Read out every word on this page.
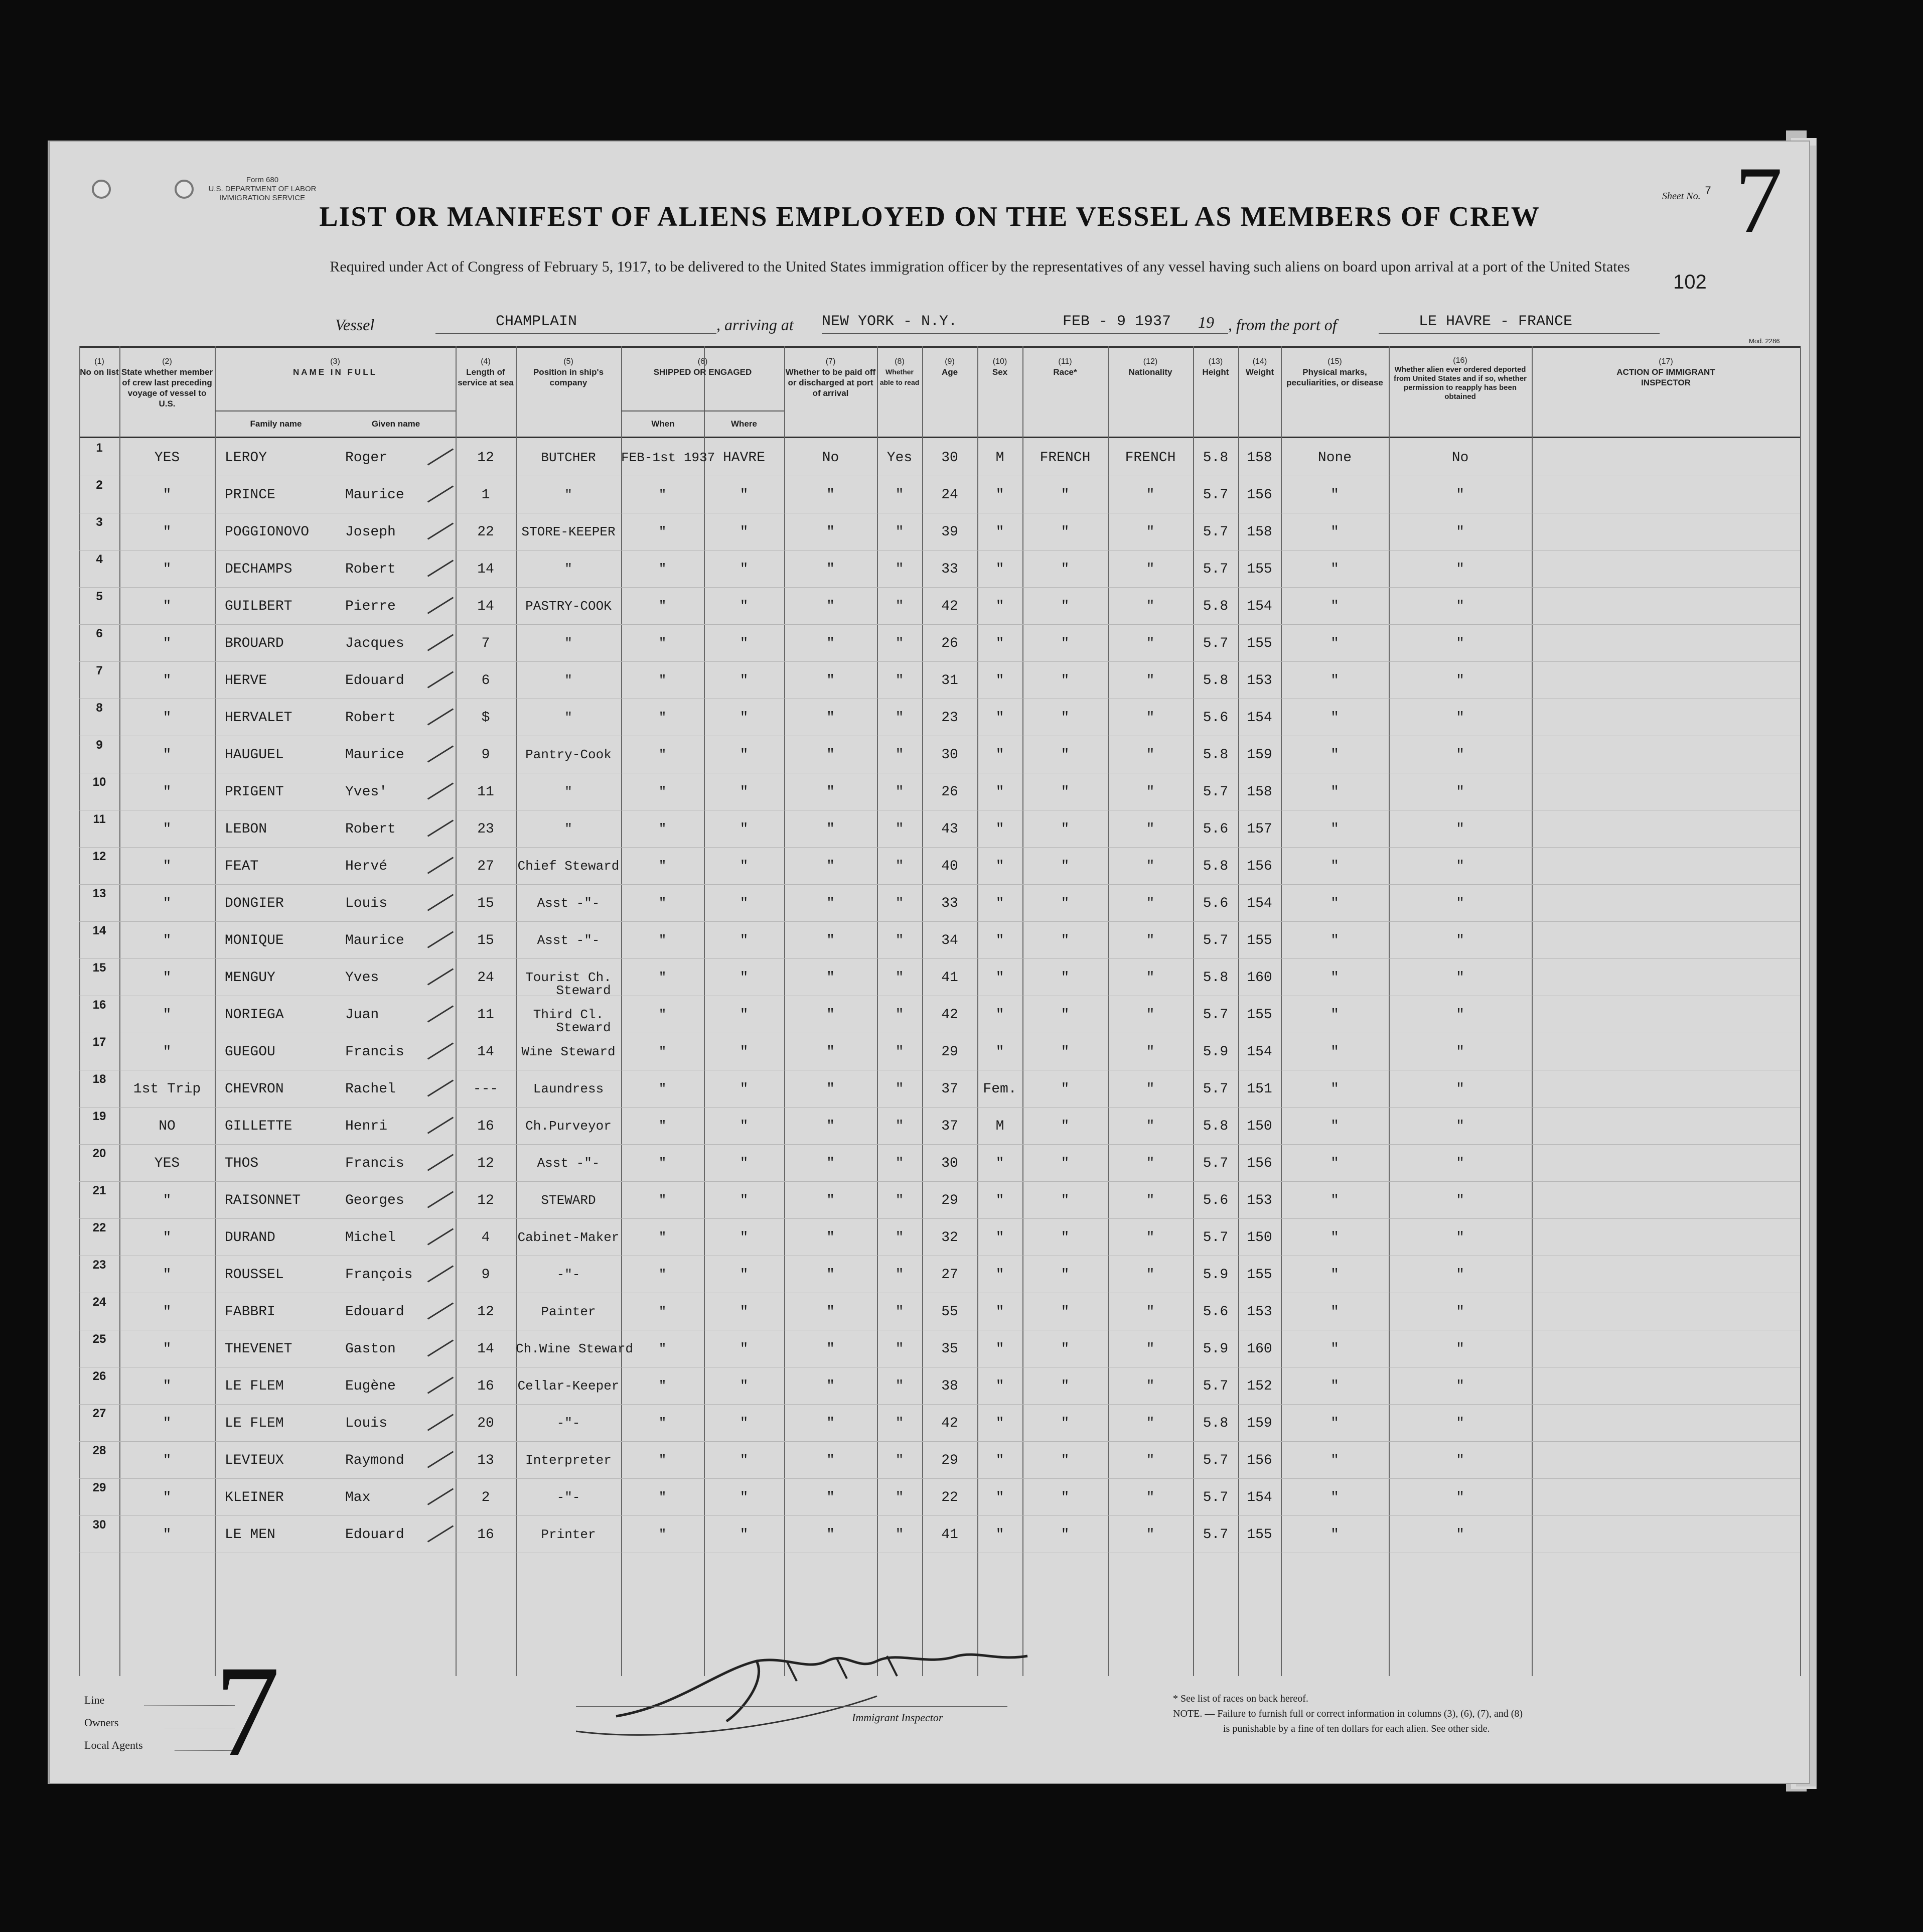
Form 680
U.S. DEPARTMENT OF LABOR
IMMIGRATION SERVICE
LIST OR MANIFEST OF ALIENS EMPLOYED ON THE VESSEL AS MEMBERS OF CREW
Required under Act of Congress of February 5, 1917, to be delivered to the United States immigration officer by the representatives of any vessel having such aliens on board upon arrival at a port of the United States
Sheet No. 7 7
102
Mod. 2286
Vessel	CHAMPLAIN	, arriving at	NEW YORK - N.Y.	FEB - 9 1937	19 , from the port of	LE HAVRE - FRANCE
(1)
No on list
(2)
State whether member of crew last preceding voyage of vessel to U.S.
(3)
NAME IN FULL
Family name	Given name
(4)
Length of service at sea
(5)
Position in ship's company
(6)
SHIPPED OR ENGAGED
When	Where
(7)
Whether to be paid off or discharged at port of arrival
(8)
Whether able to read
(9)
Age
(10)
Sex
(11)
Race*
(12)
Nationality
(13)
Height
(14)
Weight
(15)
Physical marks, peculiarities, or disease
(16)
Whether alien ever ordered deported from United States and if so, whether permission to reapply has been obtained
(17)
ACTION OF IMMIGRANT INSPECTOR
1
YES	LEROY	Roger	12	BUTCHER	FEB-1st 1937 HAVRE	No	Yes	30	M	FRENCH	FRENCH	5.8	158	None	No
2
"	PRINCE	Maurice	1	"	"	"	"	"	24	"	"	"	5.7	156	"	"
3
"	POGGIONOVO	Joseph	22	STORE-KEEPER	"	"	"	"	39	"	"	"	5.7	158	"	"
4
"	DECHAMPS	Robert	14	"	"	"	"	"	33	"	"	"	5.7	155	"	"
5
"	GUILBERT	Pierre	14	PASTRY-COOK	"	"	"	"	42	"	"	"	5.8	154	"	"
6
"	BROUARD	Jacques	7	"	"	"	"	"	26	"	"	"	5.7	155	"	"
7
"	HERVE	Edouard	6	"	"	"	"	"	31	"	"	"	5.8	153	"	"
8
"	HERVALET	Robert	$	"	"	"	"	"	23	"	"	"	5.6	154	"	"
9
"	HAUGUEL	Maurice	9	Pantry-Cook	"	"	"	"	30	"	"	"	5.8	159	"	"
10
"	PRIGENT	Yves'	11	"	"	"	"	"	26	"	"	"	5.7	158	"	"
11
"	LEBON	Robert	23	"	"	"	"	"	43	"	"	"	5.6	157	"	"
12
"	FEAT	Hervé	27	Chief Steward	"	"	"	"	40	"	"	"	5.8	156	"	"
13
"	DONGIER	Louis	15	Asst -"-	"	"	"	"	33	"	"	"	5.6	154	"	"
14
"	MONIQUE	Maurice	15	Asst -"-	"	"	"	"	34	"	"	"	5.7	155	"	"
15
"	MENGUY	Yves	24	Tourist Ch.	"	"	"	"	41	"	"	"	5.8	160	"	"
Steward
16
"	NORIEGA	Juan	11	Third Cl.	"	"	"	"	42	"	"	"	5.7	155	"	"
Steward
17
"	GUEGOU	Francis	14	Wine Steward	"	"	"	"	29	"	"	"	5.9	154	"	"
18
1st Trip	CHEVRON	Rachel	---	Laundress	"	"	"	"	37	Fem.	"	"	5.7	151	"	"
19
NO	GILLETTE	Henri	16	Ch.Purveyor	"	"	"	"	37	M	"	"	5.8	150	"	"
20
YES	THOS	Francis	12	Asst -"-	"	"	"	"	30	"	"	"	5.7	156	"	"
21
"	RAISONNET	Georges	12	STEWARD	"	"	"	"	29	"	"	"	5.6	153	"	"
22
"	DURAND	Michel	4	Cabinet-Maker	"	"	"	"	32	"	"	"	5.7	150	"	"
23
"	ROUSSEL	François	9	-"-	"	"	"	"	27	"	"	"	5.9	155	"	"
24
"	FABBRI	Edouard	12	Painter	"	"	"	"	55	"	"	"	5.6	153	"	"
25
"	THEVENET	Gaston	14	Ch.Wine Steward	"	"	"	"	35	"	"	"	5.9	160	"	"
26
"	LE FLEM	Eugène	16	Cellar-Keeper	"	"	"	"	38	"	"	"	5.7	152	"	"
27
"	LE FLEM	Louis	20	-"-	"	"	"	"	42	"	"	"	5.8	159	"	"
28
"	LEVIEUX	Raymond	13	Interpreter	"	"	"	"	29	"	"	"	5.7	156	"	"
29
"	KLEINER	Max	2	-"-	"	"	"	"	22	"	"	"	5.7	154	"	"
30
"	LE MEN	Edouard	16	Printer	"	"	"	"	41	"	"	"	5.7	155	"	"
Line
Owners
Local Agents 7	Immigrant Inspector
* See list of races on back hereof.
NOTE. — Failure to furnish full or correct information in columns (3), (6), (7), and (8)
is punishable by a fine of ten dollars for each alien. See other side.
